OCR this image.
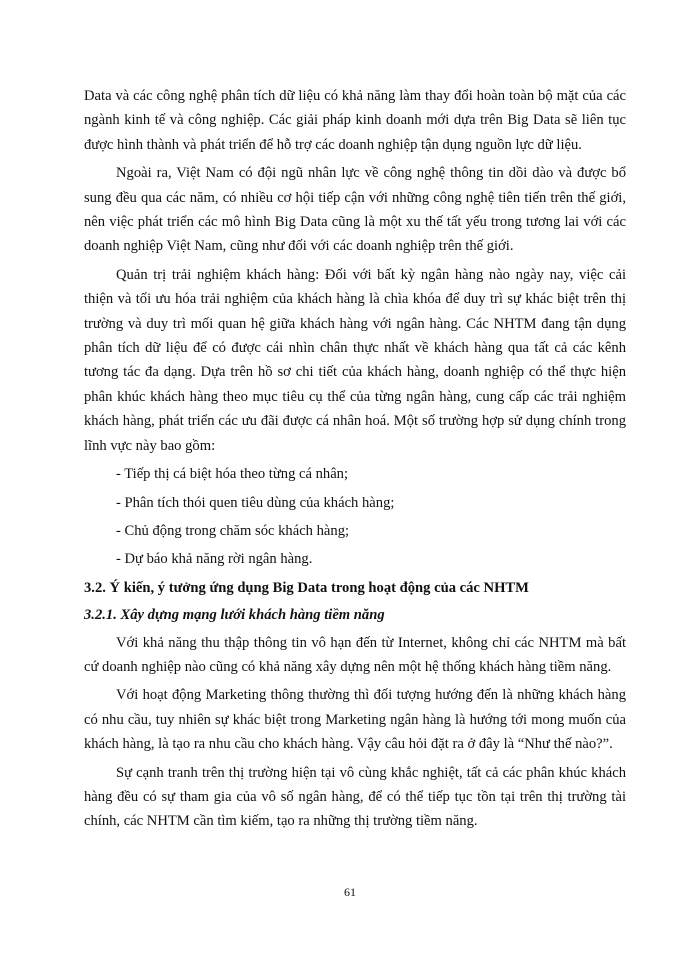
Data và các công nghệ phân tích dữ liệu có khả năng làm thay đổi hoàn toàn bộ mặt của các ngành kinh tế và công nghiệp. Các giải pháp kinh doanh mới dựa trên Big Data sẽ liên tục được hình thành và phát triển để hỗ trợ các doanh nghiệp tận dụng nguồn lực dữ liệu.

Ngoài ra, Việt Nam có đội ngũ nhân lực về công nghệ thông tin dồi dào và được bổ sung đều qua các năm, có nhiều cơ hội tiếp cận với những công nghệ tiên tiến trên thế giới, nên việc phát triển các mô hình Big Data cũng là một xu thế tất yếu trong tương lai với các doanh nghiệp Việt Nam, cũng như đối với các doanh nghiệp trên thế giới.

Quản trị trải nghiệm khách hàng: Đối với bất kỳ ngân hàng nào ngày nay, việc cải thiện và tối ưu hóa trải nghiệm của khách hàng là chìa khóa để duy trì sự khác biệt trên thị trường và duy trì mối quan hệ giữa khách hàng với ngân hàng. Các NHTM đang tận dụng phân tích dữ liệu để có được cái nhìn chân thực nhất về khách hàng qua tất cả các kênh tương tác đa dạng. Dựa trên hồ sơ chi tiết của khách hàng, doanh nghiệp có thể thực hiện phân khúc khách hàng theo mục tiêu cụ thể của từng ngân hàng, cung cấp các trải nghiệm khách hàng, phát triển các ưu đãi được cá nhân hoá. Một số trường hợp sử dụng chính trong lĩnh vực này bao gồm:

- Tiếp thị cá biệt hóa theo từng cá nhân;
- Phân tích thói quen tiêu dùng của khách hàng;
- Chủ động trong chăm sóc khách hàng;
- Dự báo khả năng rời ngân hàng.

3.2. Ý kiến, ý tưởng ứng dụng Big Data trong hoạt động của các NHTM

3.2.1. Xây dựng mạng lưới khách hàng tiềm năng

Với khả năng thu thập thông tin vô hạn đến từ Internet, không chỉ các NHTM mà bất cứ doanh nghiệp nào cũng có khả năng xây dựng nên một hệ thống khách hàng tiềm năng.

Với hoạt động Marketing thông thường thì đối tượng hướng đến là những khách hàng có nhu cầu, tuy nhiên sự khác biệt trong Marketing ngân hàng là hướng tới mong muốn của khách hàng, là tạo ra nhu cầu cho khách hàng. Vậy câu hỏi đặt ra ở đây là “Như thế nào?”.

Sự cạnh tranh trên thị trường hiện tại vô cùng khắc nghiệt, tất cả các phân khúc khách hàng đều có sự tham gia của vô số ngân hàng, để có thể tiếp tục tồn tại trên thị trường tài chính, các NHTM cần tìm kiếm, tạo ra những thị trường tiềm năng.

61
